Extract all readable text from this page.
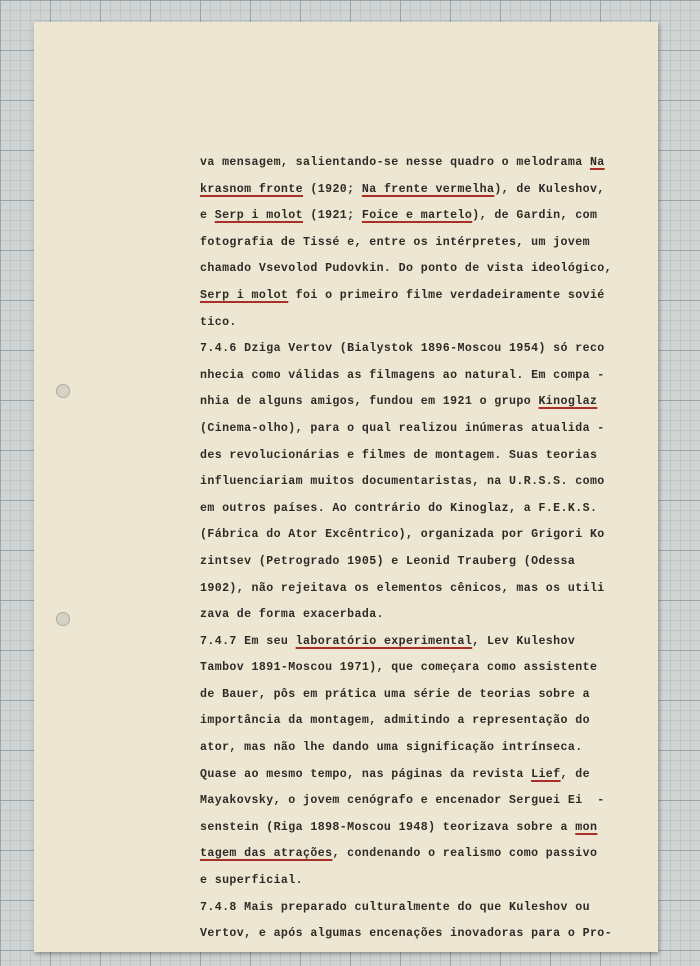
va mensagem, salientando-se nesse quadro o melodrama Na
krasnom fronte (1920; Na frente vermelha), de Kuleshov,
e Serp i molot (1921; Foice e martelo), de Gardin, com
fotografia de Tissé e, entre os intérpretes, um jovem
chamado Vsevolod Pudovkin. Do ponto de vista ideológico,
Serp i molot foi o primeiro filme verdadeiramente sovié
tico.
7.4.6 Dziga Vertov (Bialystok 1896-Moscou 1954) só reco
nhecia como válidas as filmagens ao natural. Em compa -
nhia de alguns amigos, fundou em 1921 o grupo Kinoglaz
(Cinema-olho), para o qual realizou inúmeras atualida -
des revolucionárias e filmes de montagem. Suas teorias
influenciariam muitos documentaristas, na U.R.S.S. como
em outros países. Ao contrário do Kinoglaz, a F.E.K.S.
(Fábrica do Ator Excêntrico), organizada por Grigori Ko
zintsev (Petrogrado 1905) e Leonid Trauberg (Odessa
1902), não rejeitava os elementos cênicos, mas os utili
zava de forma exacerbada.
7.4.7 Em seu laboratório experimental, Lev Kuleshov
Tambov 1891-Moscou 1971), que começara como assistente
de Bauer, pôs em prática uma série de teorias sobre a
importância da montagem, admitindo a representação do
ator, mas não lhe dando uma significação intrínseca.
Quase ao mesmo tempo, nas páginas da revista Lief, de
Mayakovsky, o jovem cenógrafo e encenador Serguei Ei  -
senstein (Riga 1898-Moscou 1948) teorizava sobre a mon
tagem das atrações, condenando o realismo como passivo
e superficial.
7.4.8 Mais preparado culturalmente do que Kuleshov ou
Vertov, e após algumas encenações inovadoras para o Pro-
